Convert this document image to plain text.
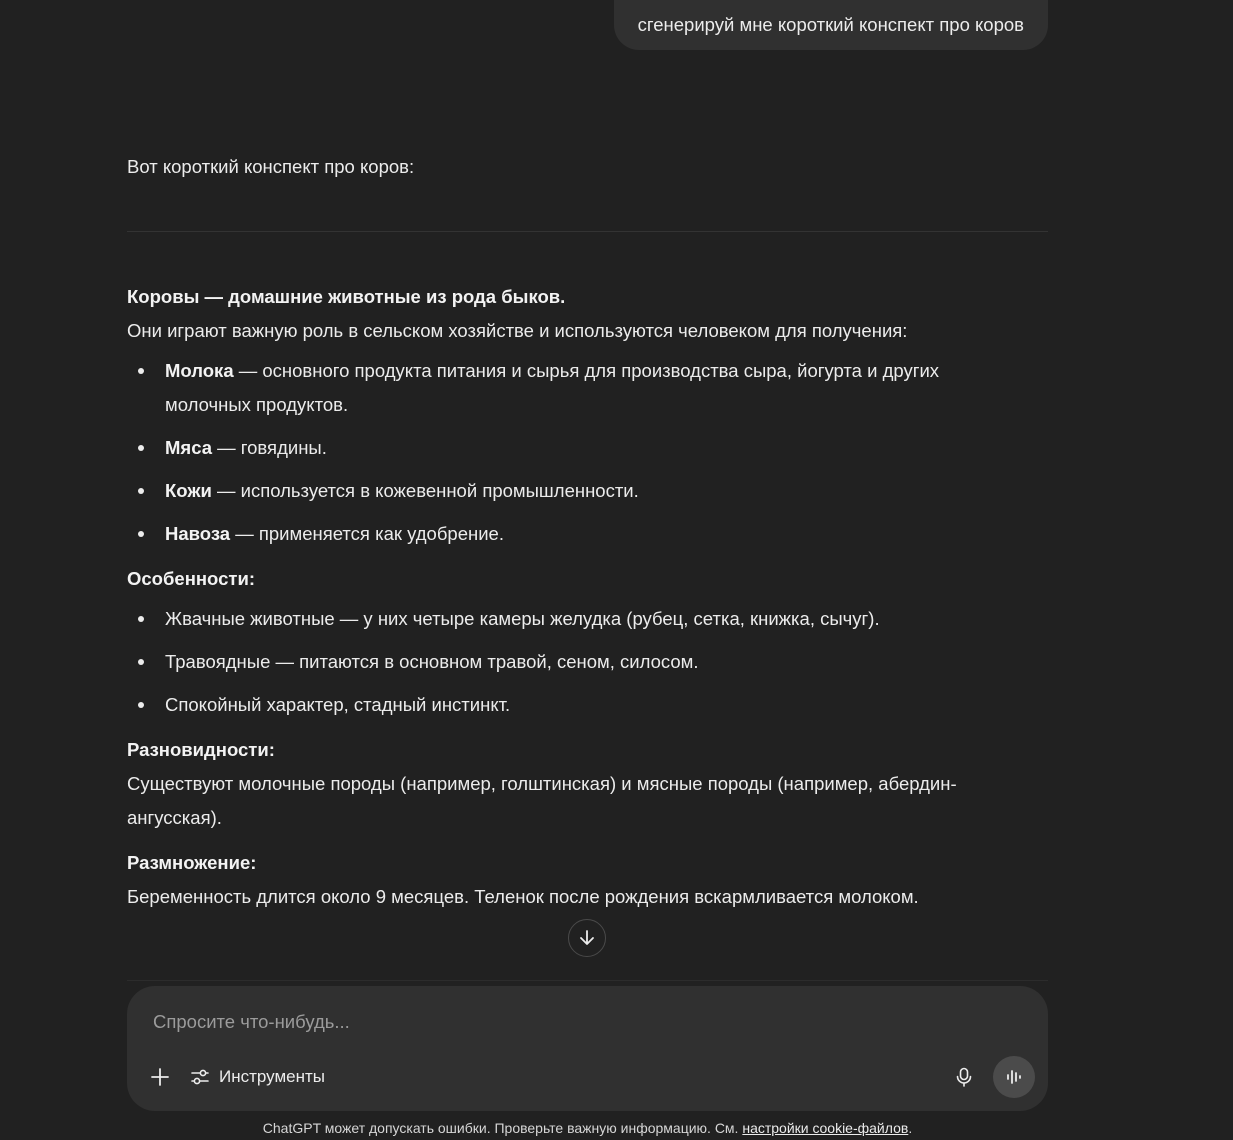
сгенерируй мне короткий конспект про коров
Вот короткий конспект про коров:

Коровы — домашние животные из рода быков.

Они играют важную роль в сельском хозяйстве и используются человеком для получения:

Молока — основного продукта питания и сырья для производства сыра, йогурта и других молочных продуктов.
Мяса — говядины.
Кожи — используется в кожевенной промышленности.
Навоза — применяется как удобрение.

Особенности:

Жвачные животные — у них четыре камеры желудка (рубец, сетка, книжка, сычуг).
Травоядные — питаются в основном травой, сеном, силосом.
Спокойный характер, стадный инстинкт.

Разновидности:

Существуют молочные породы (например, голштинская) и мясные породы (например, абердин-ангусская).

Размножение:

Беременность длится около 9 месяцев. Теленок после рождения вскармливается молоком.

Спросите что-нибудь...
Инструменты
ChatGPT может допускать ошибки. Проверьте важную информацию. См. настройки cookie-файлов.
